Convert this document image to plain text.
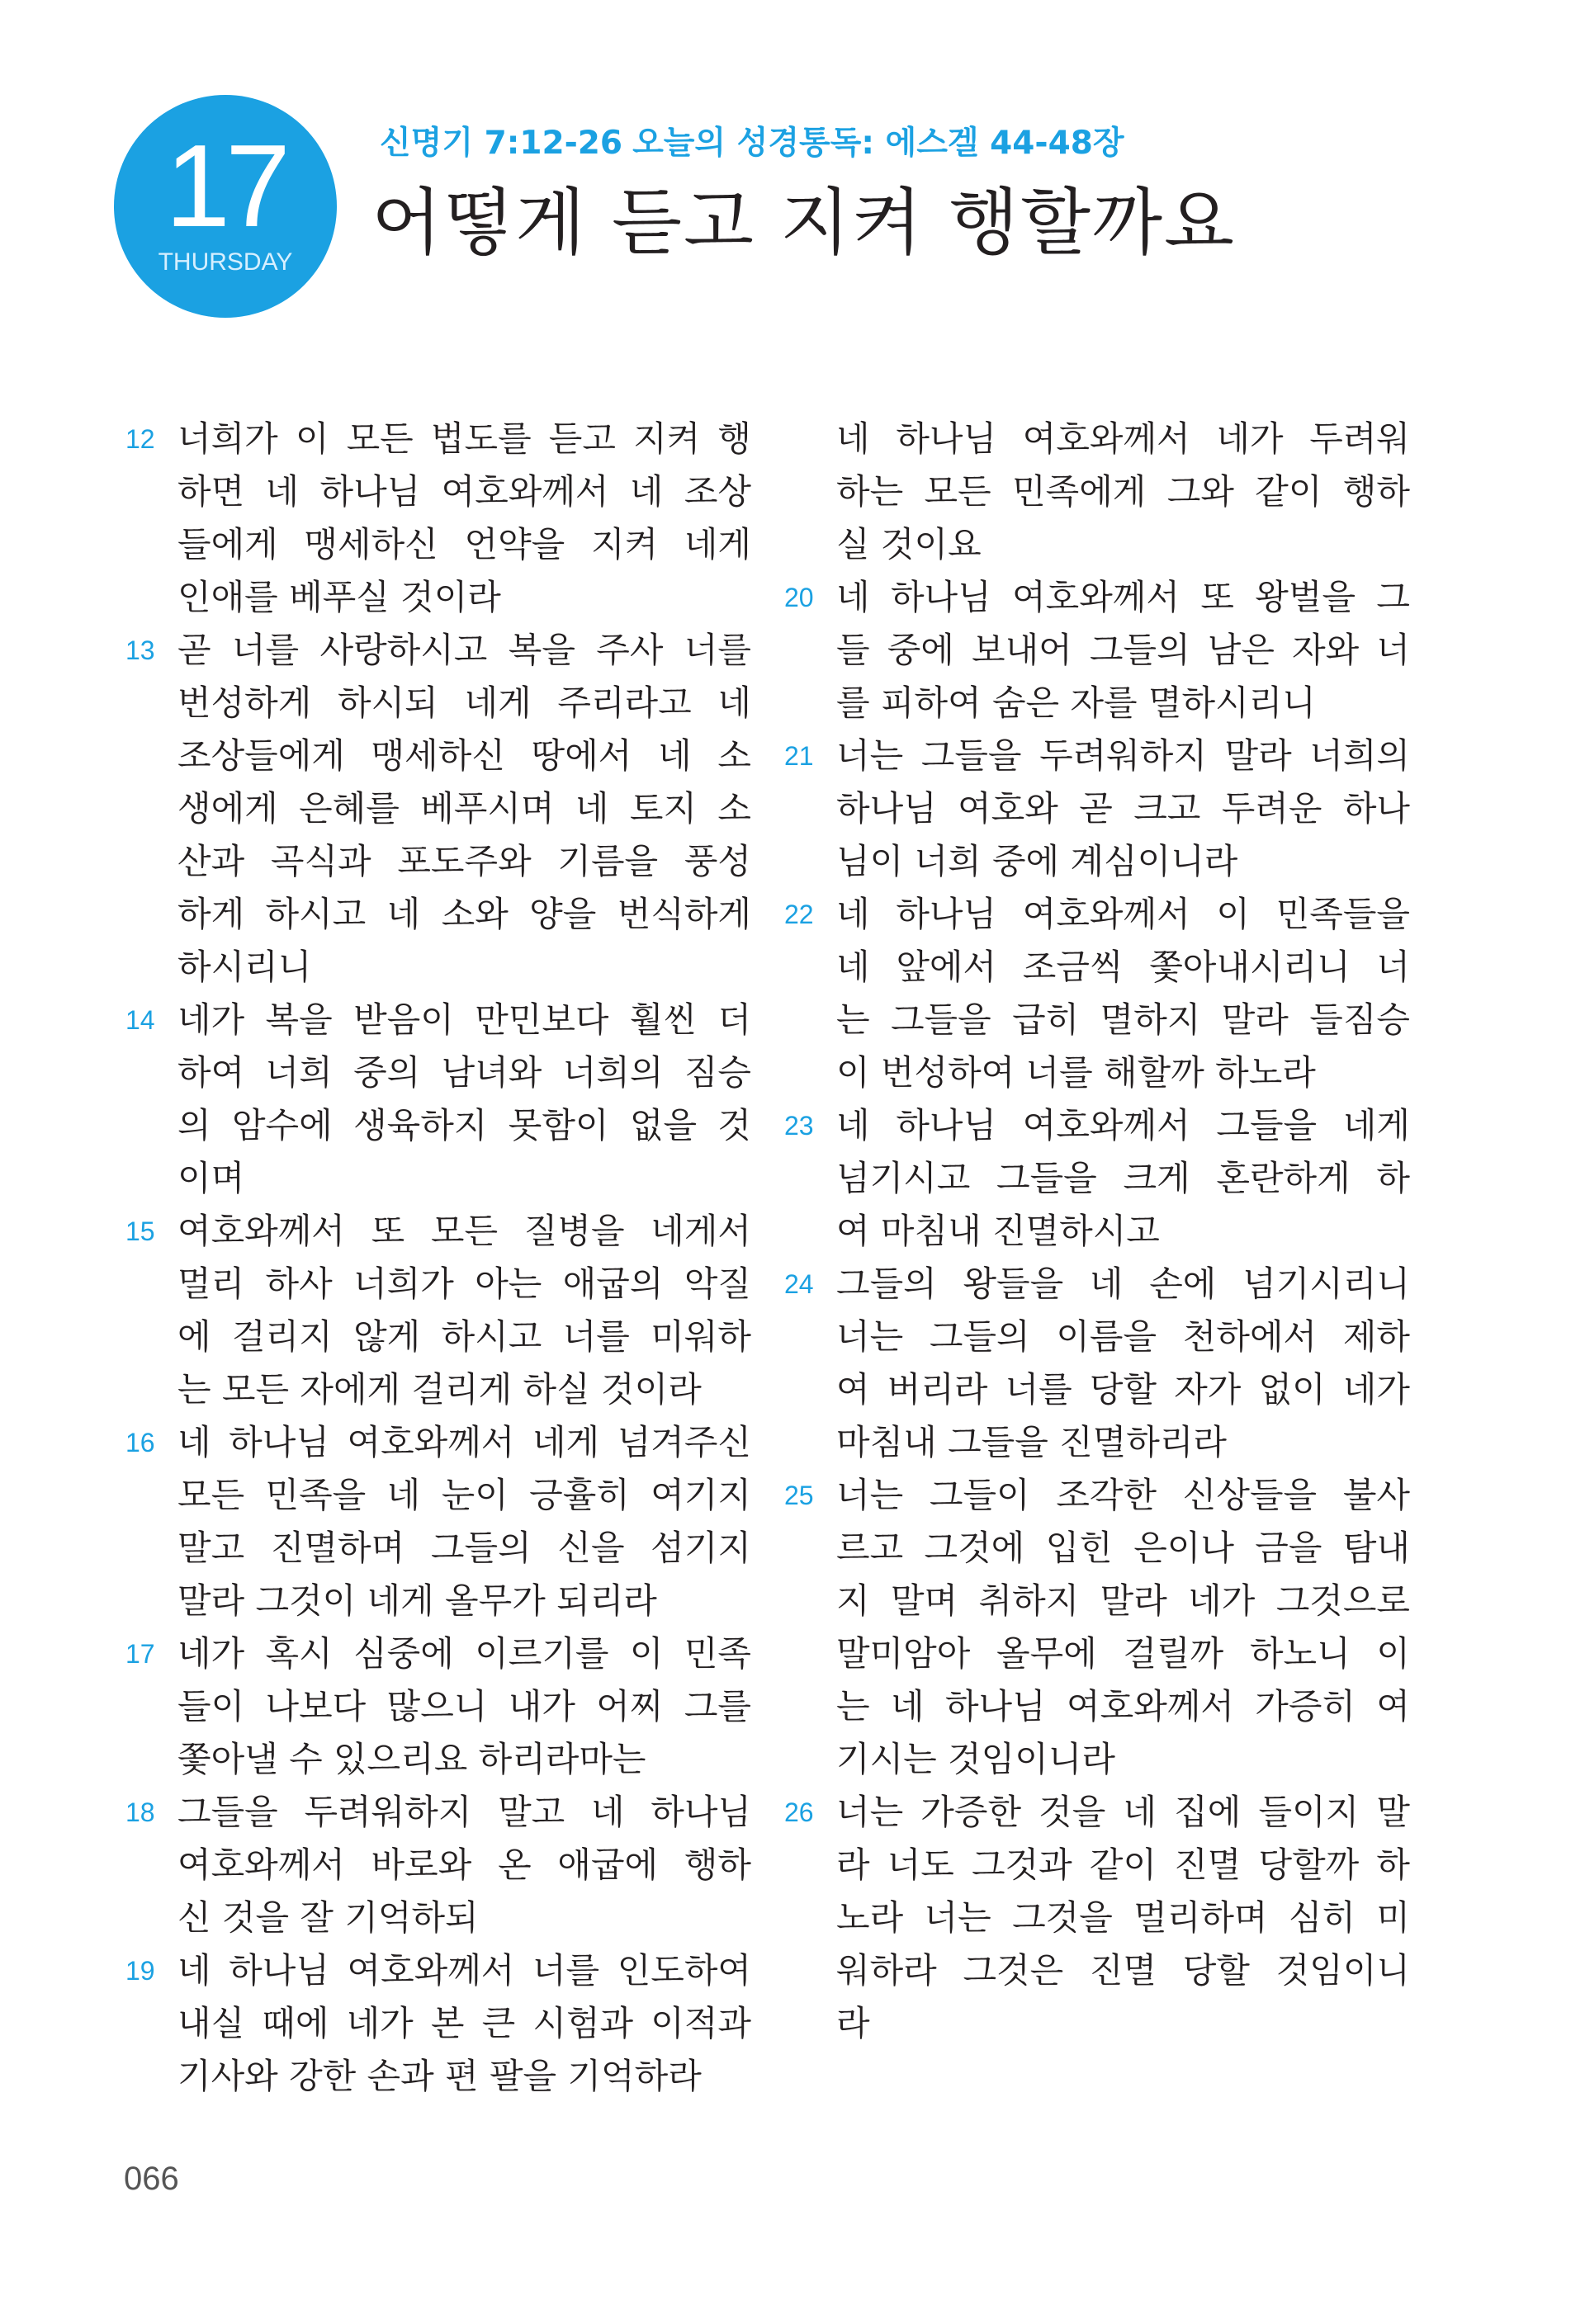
17
THURSDAY
신명기 7:12-26 오늘의 성경통독: 에스겔 44-48장
어떻게 듣고 지켜 행할까요
12 너희가 이 모든 법도를 듣고 지켜 행
하면 네 하나님 여호와께서 네 조상
들에게 맹세하신 언약을 지켜 네게
인애를 베푸실 것이라
13 곧 너를 사랑하시고 복을 주사 너를
번성하게 하시되 네게 주리라고 네
조상들에게 맹세하신 땅에서 네 소
생에게 은혜를 베푸시며 네 토지 소
산과 곡식과 포도주와 기름을 풍성
하게 하시고 네 소와 양을 번식하게
하시리니
14 네가 복을 받음이 만민보다 훨씬 더
하여 너희 중의 남녀와 너희의 짐승
의 암수에 생육하지 못함이 없을 것
이며
15 여호와께서 또 모든 질병을 네게서
멀리 하사 너희가 아는 애굽의 악질
에 걸리지 않게 하시고 너를 미워하
는 모든 자에게 걸리게 하실 것이라
16 네 하나님 여호와께서 네게 넘겨주신
모든 민족을 네 눈이 긍휼히 여기지
말고 진멸하며 그들의 신을 섬기지
말라 그것이 네게 올무가 되리라
17 네가 혹시 심중에 이르기를 이 민족
들이 나보다 많으니 내가 어찌 그를
쫓아낼 수 있으리요 하리라마는
18 그들을 두려워하지 말고 네 하나님
여호와께서 바로와 온 애굽에 행하
신 것을 잘 기억하되
19 네 하나님 여호와께서 너를 인도하여
내실 때에 네가 본 큰 시험과 이적과
기사와 강한 손과 편 팔을 기억하라
네 하나님 여호와께서 네가 두려워
하는 모든 민족에게 그와 같이 행하
실 것이요
20 네 하나님 여호와께서 또 왕벌을 그
들 중에 보내어 그들의 남은 자와 너
를 피하여 숨은 자를 멸하시리니
21 너는 그들을 두려워하지 말라 너희의
하나님 여호와 곧 크고 두려운 하나
님이 너희 중에 계심이니라
22 네 하나님 여호와께서 이 민족들을
네 앞에서 조금씩 쫓아내시리니 너
는 그들을 급히 멸하지 말라 들짐승
이 번성하여 너를 해할까 하노라
23 네 하나님 여호와께서 그들을 네게
넘기시고 그들을 크게 혼란하게 하
여 마침내 진멸하시고
24 그들의 왕들을 네 손에 넘기시리니
너는 그들의 이름을 천하에서 제하
여 버리라 너를 당할 자가 없이 네가
마침내 그들을 진멸하리라
25 너는 그들이 조각한 신상들을 불사
르고 그것에 입힌 은이나 금을 탐내
지 말며 취하지 말라 네가 그것으로
말미암아 올무에 걸릴까 하노니 이
는 네 하나님 여호와께서 가증히 여
기시는 것임이니라
26 너는 가증한 것을 네 집에 들이지 말
라 너도 그것과 같이 진멸 당할까 하
노라 너는 그것을 멀리하며 심히 미
워하라 그것은 진멸 당할 것임이니
라
066
